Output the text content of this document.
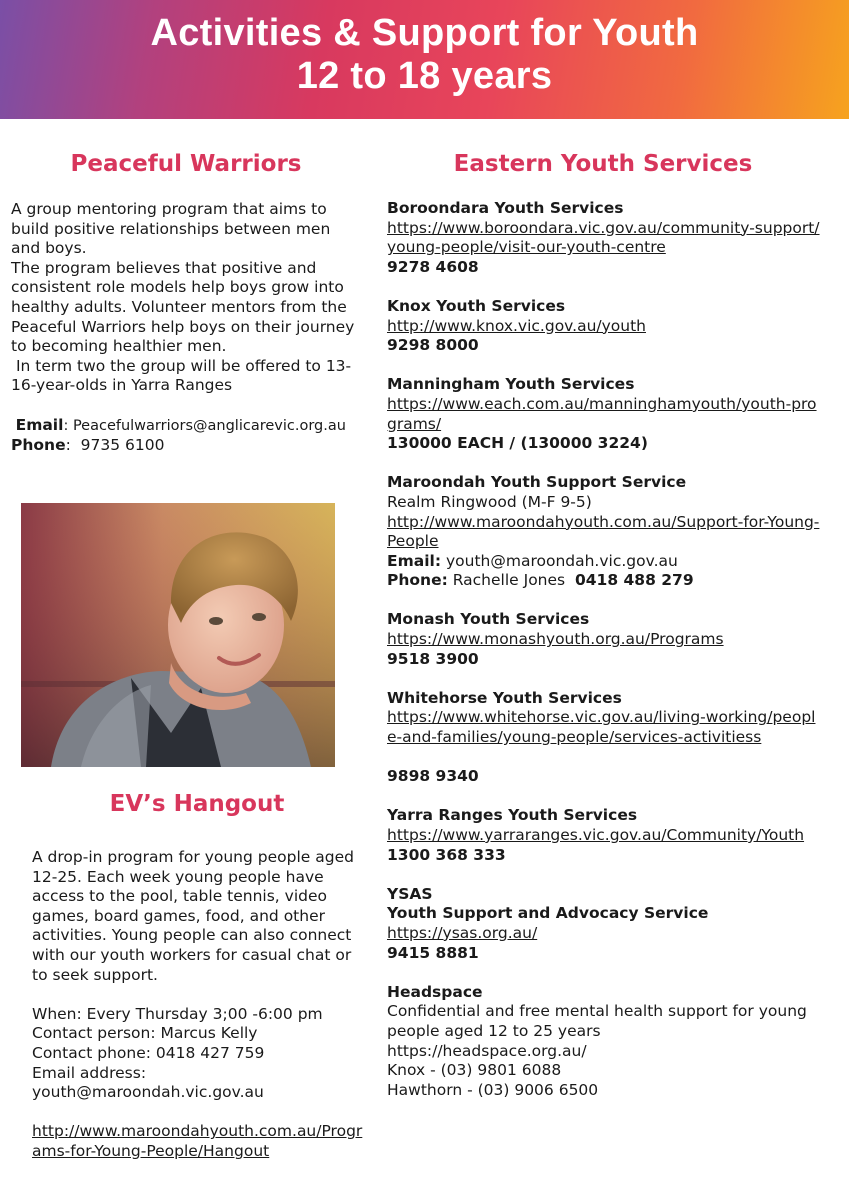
Activities & Support for Youth
12 to 18 years
Peaceful Warriors

A group mentoring program that aims to build positive relationships between men and boys.

The program believes that positive and consistent role models help boys grow into healthy adults. Volunteer mentors from the Peaceful Warriors help boys on their journey to becoming healthier men.

In term two the group will be offered to 13-16-year-olds in Yarra Ranges

Email: Peacefulwarriors@anglicarevic.org.au

Phone:  9735 6100

EV’s Hangout

A drop-in program for young people aged 12-25. Each week young people have access to the pool, table tennis, video games, board games, food, and other activities. Young people can also connect with our youth workers for casual chat or to seek support.

When: Every Thursday 3;00 -6:00 pm

Contact person: Marcus Kelly

Contact phone: 0418 427 759

Email address:

youth@maroondah.vic.gov.au

http://www.maroondahyouth.com.au/Programs-for-Young-People/Hangout

Eastern Youth Services

Boroondara Youth Services

https://www.boroondara.vic.gov.au/community-support/young-people/visit-our-youth-centre

9278 4608

Knox Youth Services

http://www.knox.vic.gov.au/youth

9298 8000

Manningham Youth Services

https://www.each.com.au/manninghamyouth/youth-programs/

130000 EACH / (130000 3224)

Maroondah Youth Support Service

Realm Ringwood (M-F 9-5)

http://www.maroondahyouth.com.au/Support-for-Young-People

Email: youth@maroondah.vic.gov.au

Phone: Rachelle Jones 0418 488 279

Monash Youth Services

https://www.monashyouth.org.au/Programs

9518 3900

Whitehorse Youth Services

https://www.whitehorse.vic.gov.au/living-working/people-and-families/young-people/services-activitiess

9898 9340

Yarra Ranges Youth Services

https://www.yarraranges.vic.gov.au/Community/Youth

1300 368 333

YSAS

Youth Support and Advocacy Service

https://ysas.org.au/

9415 8881

Headspace

Confidential and free mental health support for young people aged 12 to 25 years

https://headspace.org.au/

Knox - (03) 9801 6088

Hawthorn - (03) 9006 6500
